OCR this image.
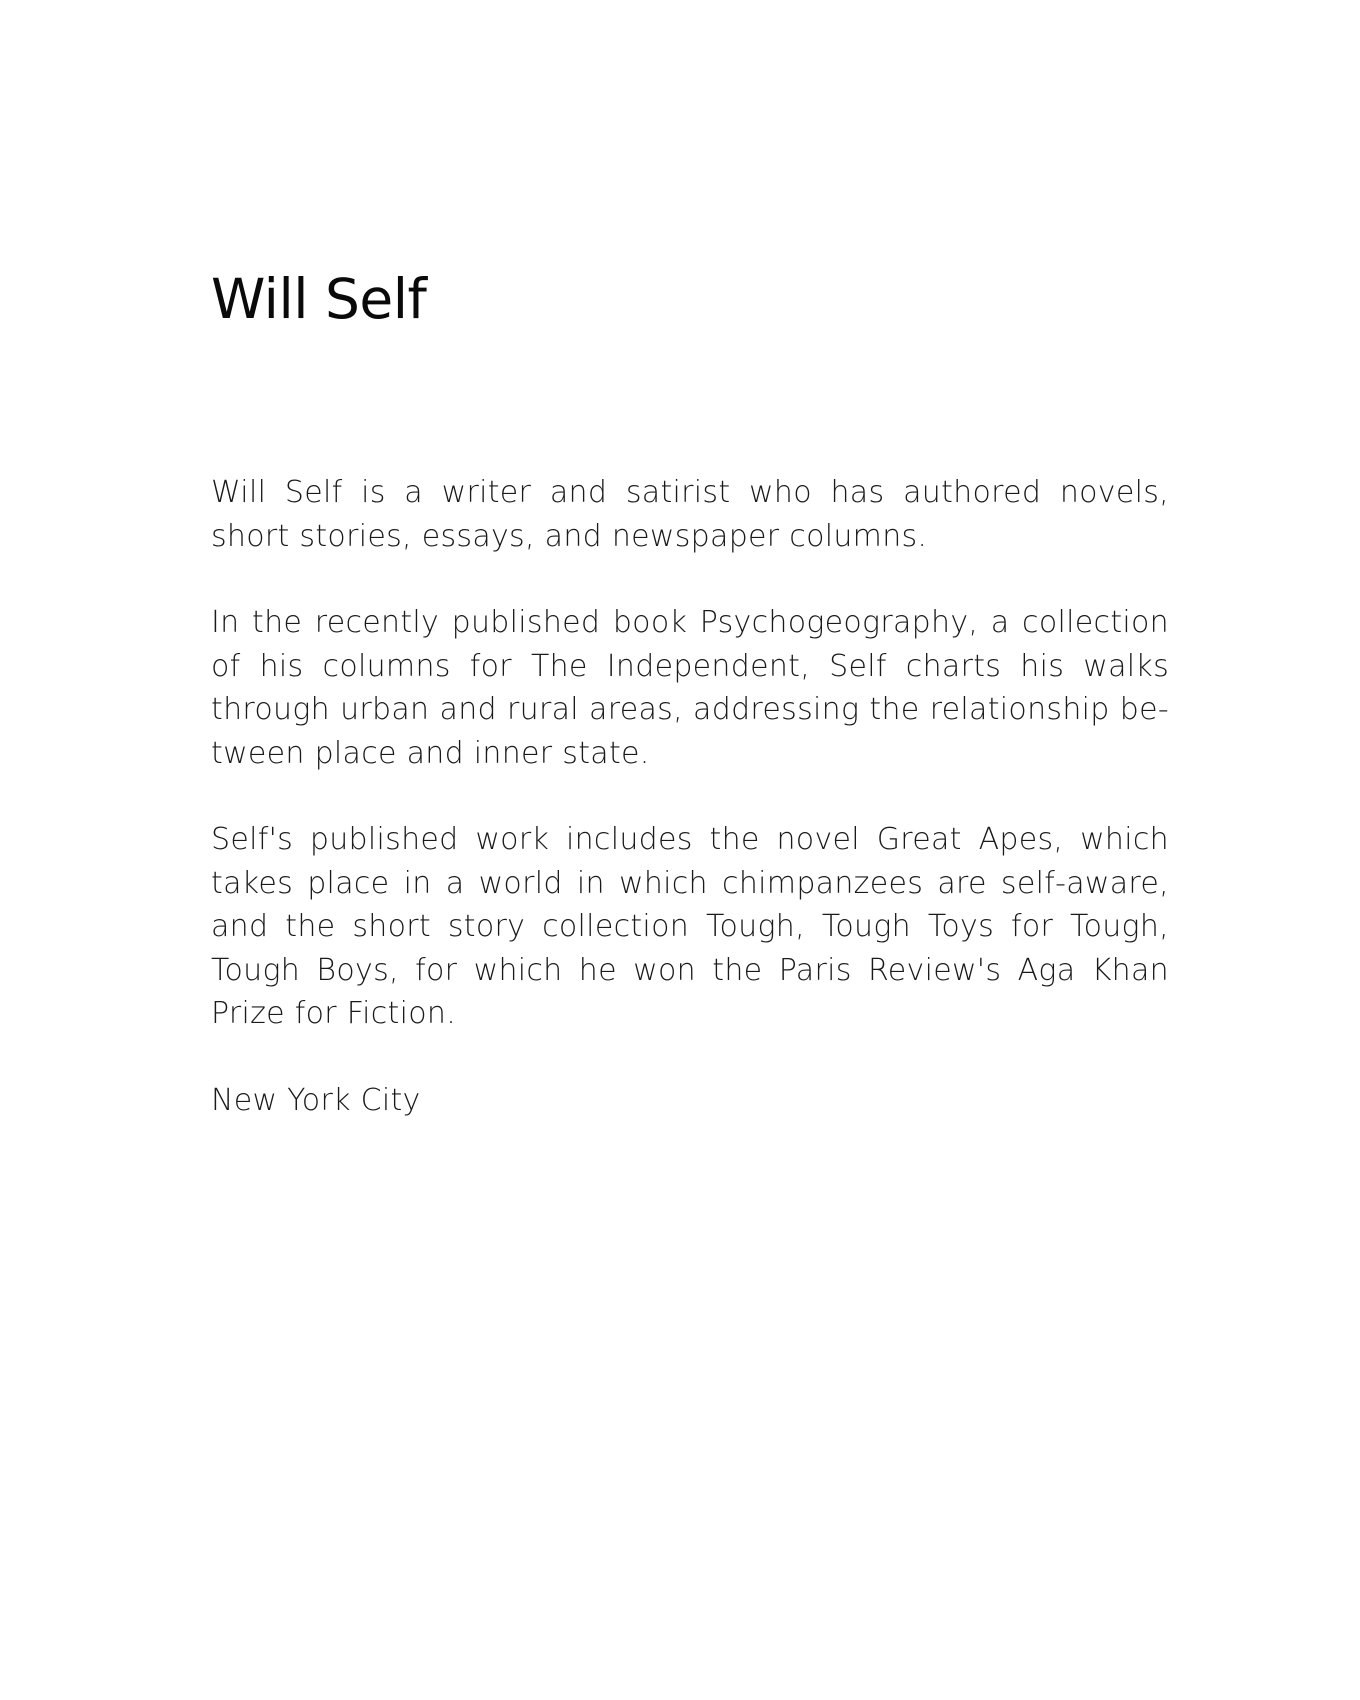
Will Self

Will Self is a writer and satirist who has authored novels, short stories, essays, and newspaper columns.

In the recently published book Psychogeography, a collection of his columns for The Independent, Self charts his walks through urban and rural areas, addressing the relationship be-tween place and inner state.

Self's published work includes the novel Great Apes, which takes place in a world in which chimpanzees are self-aware, and the short story collection Tough, Tough Toys for Tough, Tough Boys, for which he won the Paris Review's Aga Khan Prize for Fiction.

New York City
